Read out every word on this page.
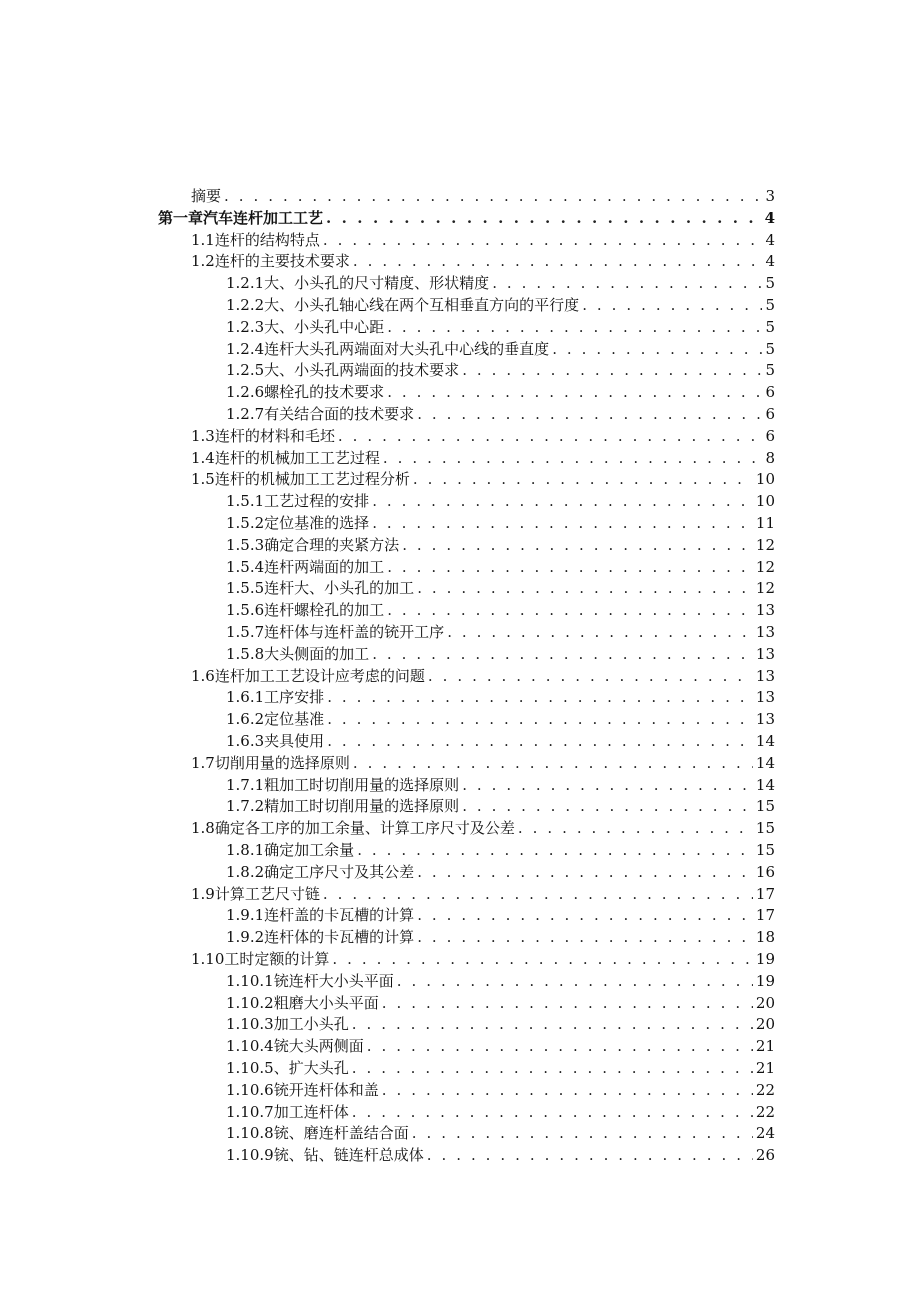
摘要 . . .	3
第一章汽车连杆加工工艺 . . .	4
1.1 连杆的结构特点 . . .	4
1.2 连杆的主要技术要求 . . .	4
1.2.1 大、小头孔的尺寸精度、形状精度 . . .	5
1.2.2 大、小头孔轴心线在两个互相垂直方向的平行度 . . .	5
1.2.3 大、小头孔中心距 . . .	5
1.2.4 连杆大头孔两端面对大头孔中心线的垂直度 . . .	5
1.2.5 大、小头孔两端面的技术要求 . . .	5
1.2.6 螺栓孔的技术要求 . . .	6
1.2.7 有关结合面的技术要求 . . .	6
1.3 连杆的材料和毛坯 . . .	6
1.4 连杆的机械加工工艺过程 . . .	8
1.5 连杆的机械加工工艺过程分析 . . .	10
1.5.1 工艺过程的安排 . . .	10
1.5.2 定位基准的选择 . . .	11
1.5.3 确定合理的夹紧方法 . . .	12
1.5.4 连杆两端面的加工 . . .	12
1.5.5 连杆大、小头孔的加工 . . .	12
1.5.6 连杆螺栓孔的加工 . . .	13
1.5.7 连杆体与连杆盖的铳开工序 . . .	13
1.5.8 大头侧面的加工 . . .	13
1.6 连杆加工工艺设计应考虑的问题 . . .	13
1.6.1 工序安排 . . .	13
1.6.2 定位基准 . . .	13
1.6.3 夹具使用 . . .	14
1.7 切削用量的选择原则 . . .	14
1.7.1 粗加工时切削用量的选择原则 . . .	14
1.7.2 精加工时切削用量的选择原则 . . .	15
1.8 确定各工序的加工余量、计算工序尺寸及公差 . . .	15
1.8.1 确定加工余量 . . .	15
1.8.2 确定工序尺寸及其公差 . . .	16
1.9 计算工艺尺寸链 . . .	17
1.9.1 连杆盖的卡瓦槽的计算 . . .	17
1.9.2 连杆体的卡瓦槽的计算 . . .	18
1.10 工时定额的计算 . . .	19
1.10.1 铳连杆大小头平面 . . .	19
1.10.2 粗磨大小头平面 . . .	20
1.10.3 加工小头孔 . . .	20
1.10.4 铳大头两侧面 . . .	21
1.10.5 、扩大头孔 . . .	21
1.10.6 铳开连杆体和盖 . . .	22
1.10.7 加工连杆体 . . .	22
1.10.8 铳、磨连杆盖结合面 . . .	24
1.10.9 铳、钻、链连杆总成体 . . .	26
